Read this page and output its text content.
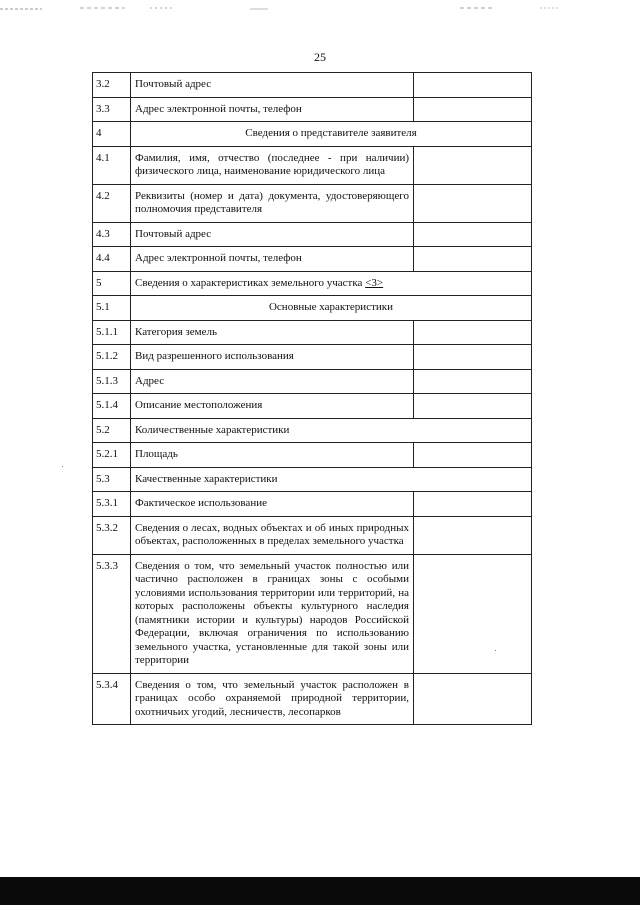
25
3.2	Почтовый адрес	
3.3	Адрес электронной почты, телефон	
4	Сведения о представителе заявителя	
4.1	Фамилия, имя, отчество (последнее - при наличии) физического лица, наименование юридического лица	
4.2	Реквизиты (номер и дата) документа, удостоверяющего полномочия представителя	
4.3	Почтовый адрес	
4.4	Адрес электронной почты, телефон	
5	Сведения о характеристиках земельного участка <3>	
5.1	Основные характеристики	
5.1.1	Категория земель	
5.1.2	Вид разрешенного использования	
5.1.3	Адрес	
5.1.4	Описание местоположения	
5.2	Количественные характеристики	
5.2.1	Площадь	
5.3	Качественные характеристики	
5.3.1	Фактическое использование	
5.3.2	Сведения о лесах, водных объектах и об иных природных объектах, расположенных в пределах земельного участка	
5.3.3	Сведения о том, что земельный участок полностью или частично расположен в границах зоны с особыми условиями использования территории или территорий, на которых расположены объекты культурного наследия (памятники истории и культуры) народов Российской Федерации, включая ограничения по использованию земельного участка, установленные для такой зоны или территории	
5.3.4	Сведения о том, что земельный участок расположен в границах особо охраняемой природной территории, охотничьих угодий, лесничеств, лесопарков	
